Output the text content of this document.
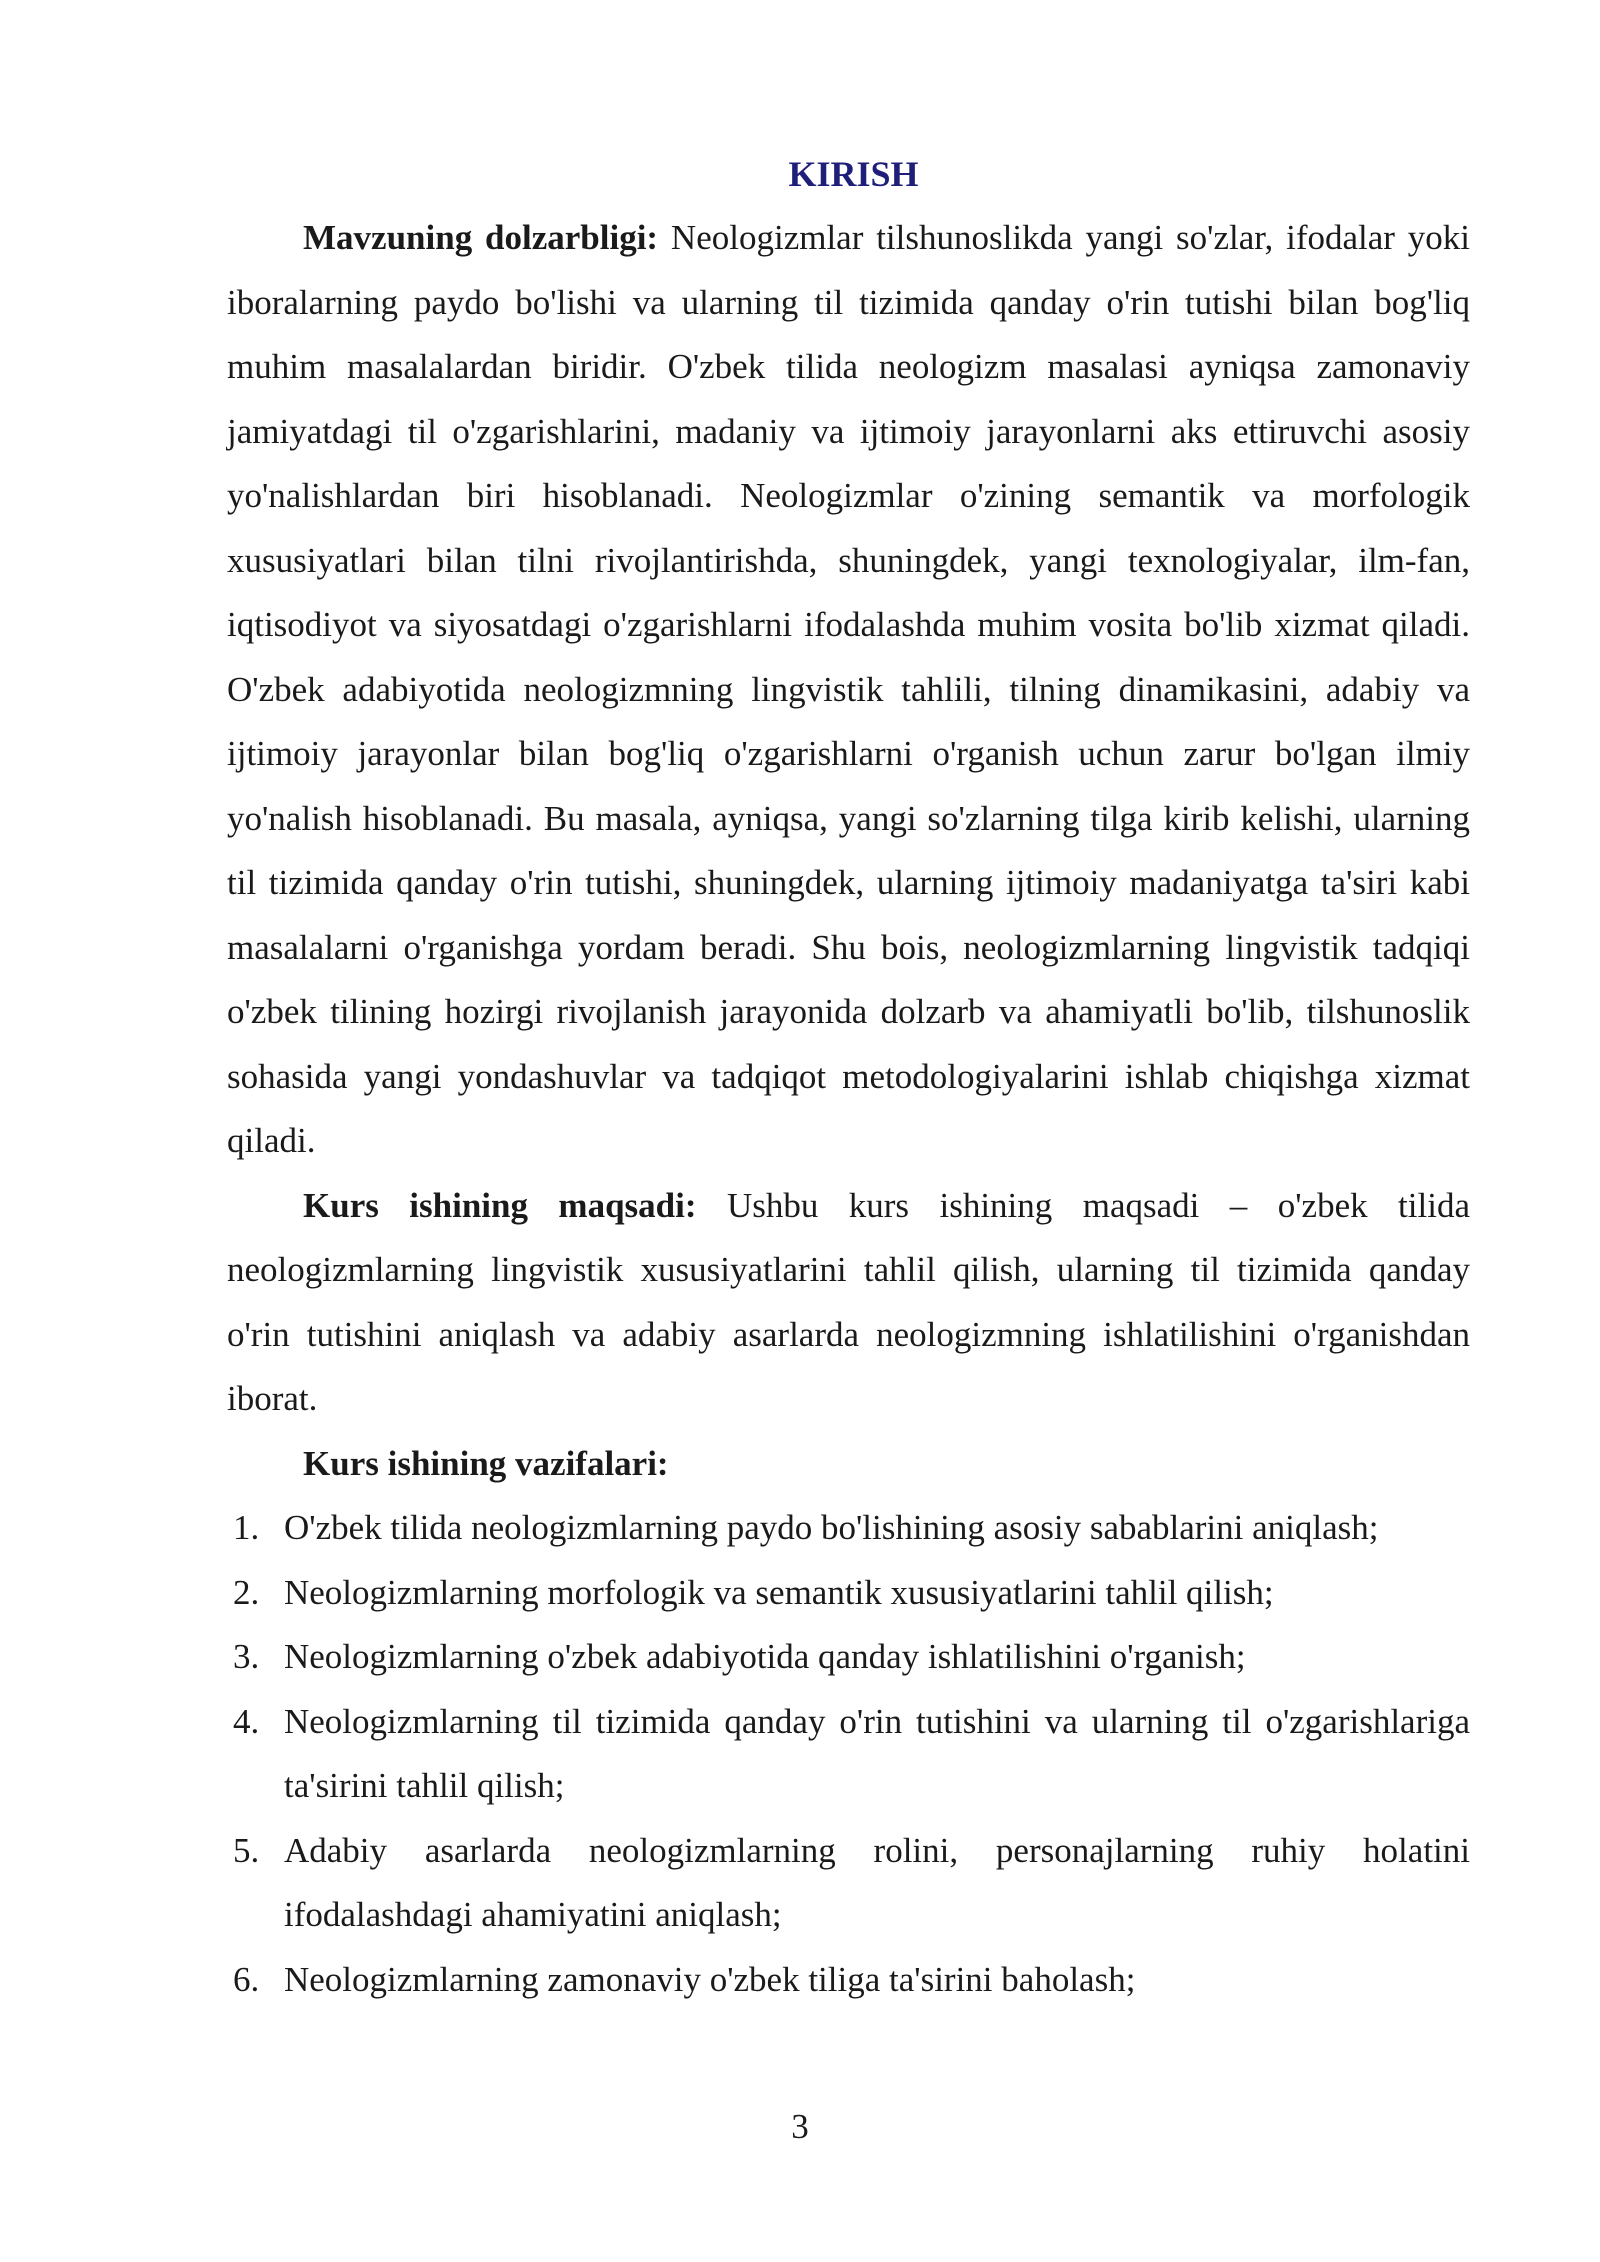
KIRISH

Mavzuning dolzarbligi: Neologizmlar tilshunoslikda yangi so'zlar, ifodalar yoki iboralarning paydo bo'lishi va ularning til tizimida qanday o'rin tutishi bilan bog'liq muhim masalalardan biridir. O'zbek tilida neologizm masalasi ayniqsa zamonaviy jamiyatdagi til o'zgarishlarini, madaniy va ijtimoiy jarayonlarni aks ettiruvchi asosiy yo'nalishlardan biri hisoblanadi. Neologizmlar o'zining semantik va morfologik xususiyatlari bilan tilni rivojlantirishda, shuningdek, yangi texnologiyalar, ilm-fan, iqtisodiyot va siyosatdagi o'zgarishlarni ifodalashda muhim vosita bo'lib xizmat qiladi. O'zbek adabiyotida neologizmning lingvistik tahlili, tilning dinamikasini, adabiy va ijtimoiy jarayonlar bilan bog'liq o'zgarishlarni o'rganish uchun zarur bo'lgan ilmiy yo'nalish hisoblanadi. Bu masala, ayniqsa, yangi so'zlarning tilga kirib kelishi, ularning til tizimida qanday o'rin tutishi, shuningdek, ularning ijtimoiy madaniyatga ta'siri kabi masalalarni o'rganishga yordam beradi. Shu bois, neologizmlarning lingvistik tadqiqi o'zbek tilining hozirgi rivojlanish jarayonida dolzarb va ahamiyatli bo'lib, tilshunoslik sohasida yangi yondashuvlar va tadqiqot metodologiyalarini ishlab chiqishga xizmat qiladi.

Kurs ishining maqsadi: Ushbu kurs ishining maqsadi – o'zbek tilida neologizmlarning lingvistik xususiyatlarini tahlil qilish, ularning til tizimida qanday o'rin tutishini aniqlash va adabiy asarlarda neologizmning ishlatilishini o'rganishdan iborat.

Kurs ishining vazifalari:
1. O'zbek tilida neologizmlarning paydo bo'lishining asosiy sabablarini aniqlash;
2. Neologizmlarning morfologik va semantik xususiyatlarini tahlil qilish;
3. Neologizmlarning o'zbek adabiyotida qanday ishlatilishini o'rganish;
4. Neologizmlarning til tizimida qanday o'rin tutishini va ularning til o'zgarishlariga ta'sirini tahlil qilish;
5. Adabiy asarlarda neologizmlarning rolini, personajlarning ruhiy holatini ifodalashdagi ahamiyatini aniqlash;
6. Neologizmlarning zamonaviy o'zbek tiliga ta'sirini baholash;
3
